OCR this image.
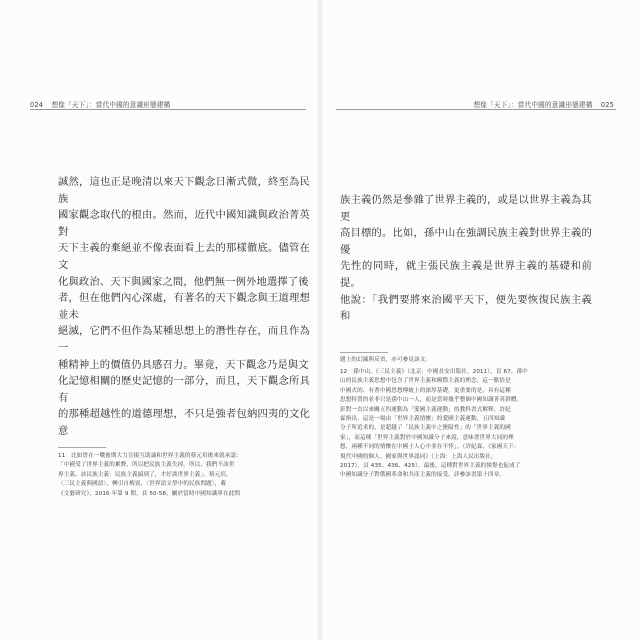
024 想像「天下」：當代中國的意識形態建構	想像「天下」：當代中國的意識形態建構 025
誠然，這也正是晚清以來天下觀念日漸式微，終至為民族
國家觀念取代的根由。然而，近代中國知識與政治菁英對
天下主義的棄絕並不像表面看上去的那樣徹底。儘管在文
化與政治、天下與國家之間，他們無一例外地選擇了後
者，但在他們內心深處，有著名的天下觀念與王道理想並未
絕滅，它們不但作為某種思想上的潛性存在，而且作為一
種精神上的價值仍具感召力。畢竟，天下觀念乃是與文
化記憶相關的歷史記憶的一部分，而且，天下觀念所具有
的那種超越性的道德理想，不只是強者包納四夷的文化意

11　比如曾在一戰後期大力宣揚互助論和世界主義的蔡元培後來就承認：
「中國受了世界主義的累贅，所以把民族主義失掉。所以，我們不該世
界主義、該民族主義：民族主義搞到了，才好談世界主義」。蔡元培，
〈三民主義與國語〉，轉引自梅賓，〈世界語文學中的民族問題〉，載
《文藝研究》，2016 年第 9 期，頁 50-58。關於當時中國知識界在此問
族主義仍然是參雜了世界主義的，或是以世界主義為其更
高目標的。比如，孫中山在強調民族主義對世界主義的優
先性的同時，就主張民族主義是世界主義的基礎和前提。
他說：「我們要將來治國平天下，便先要恢復民族主義和

題上的幻滅與反省，亦可參見該文。
12　孫中山，《三民主義》（北京：中國長安出版社，2011），頁 67。孫中
山的民族主義思想中包含了世界主義和國際主義的理念，這一點恰是
中國式的、有著中國思想傳統上的深厚基礎，更重要的是，具有這種
思想特質的並非只是孫中山一人，而是當時幾乎整個中國知識菁英群體。
針對一直以來關五四運動為「愛國主義運動」的教科書式解釋，許紀
霖指出，這是一場由「世界主義情懷」的愛國主義運動，五四知識
分子所追求的，是超越了「民族主義中之狹隘性」的「世界主義的國
家」，而這種「世界主義對於中國知識分子來說，意味著世界大同的理
想，兩種不同的情懷在中國士人心中並存不悖」。（許紀霖，《家國天下：
現代中國的個人、國家與世界認同》（上海：上海人民出版社，
2017），頁 435、436、425）。最後，這種對世界主義的憧憬也促成了
中國知識分子對俄國革命和共產主義的接受。詳參該書第十四章。
